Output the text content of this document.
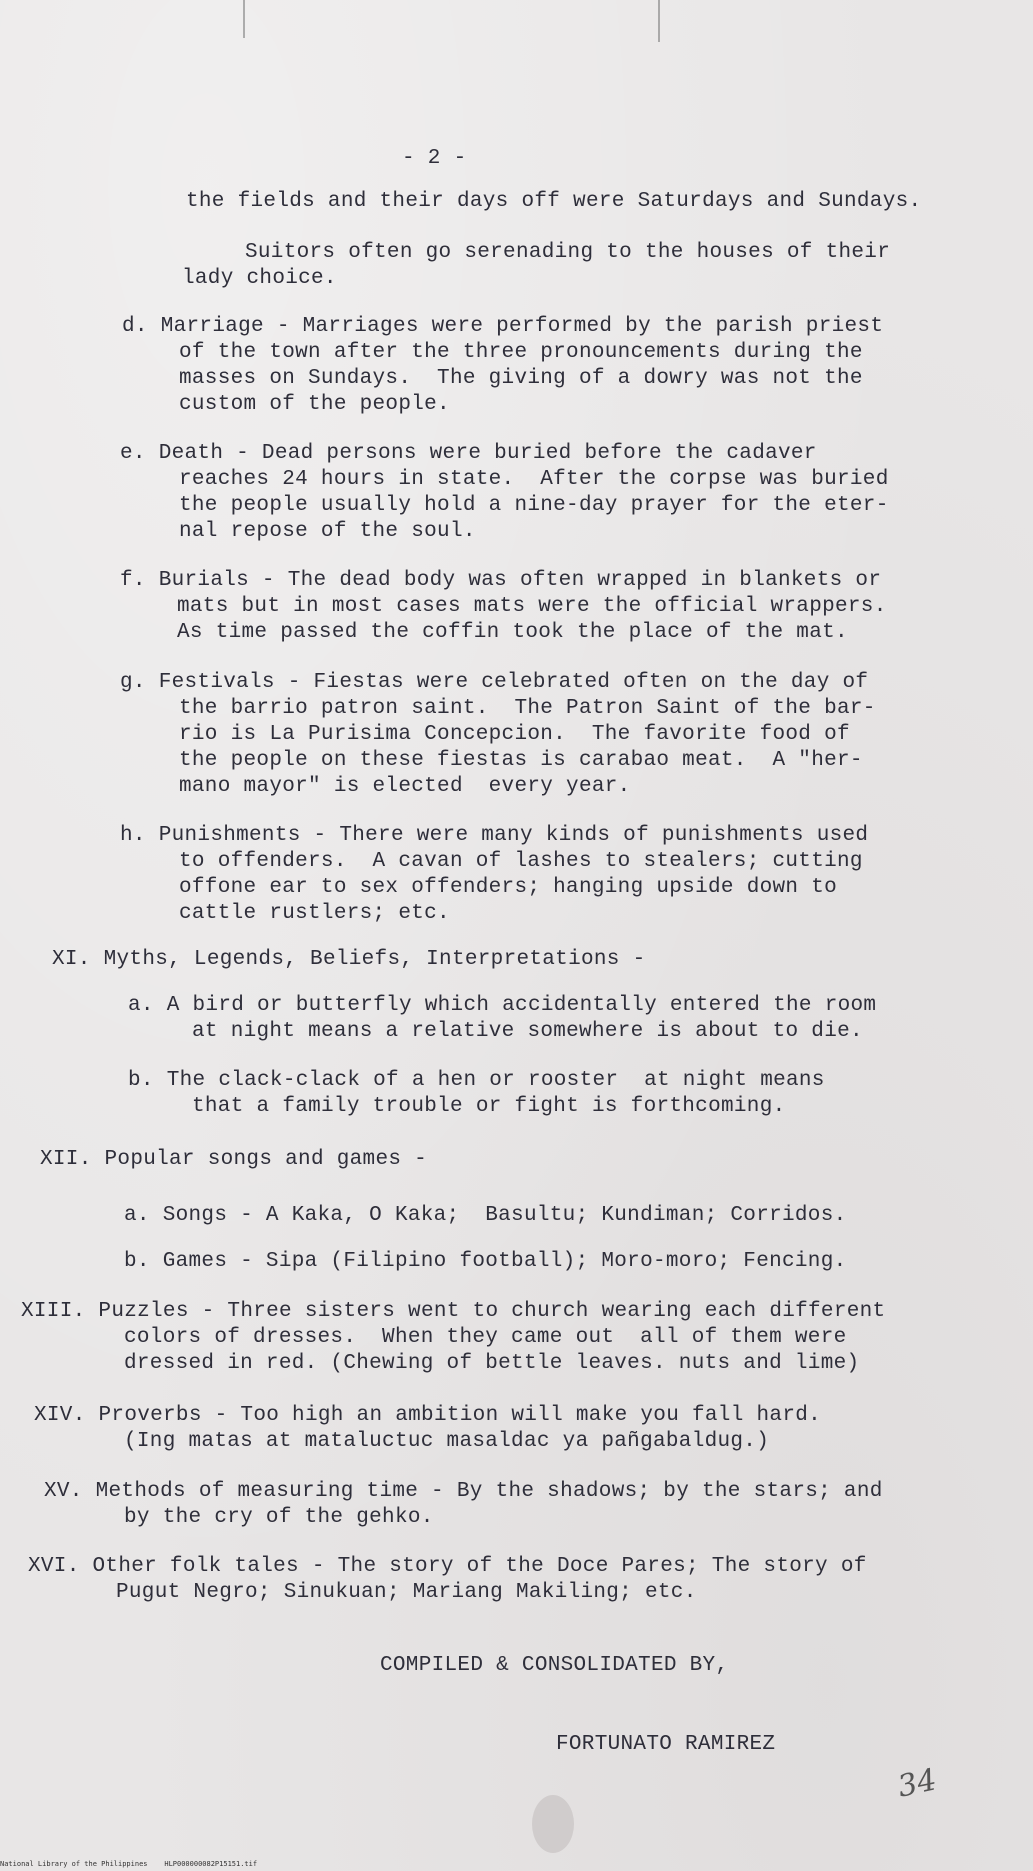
- 2 -
the fields and their days off were Saturdays and Sundays.
Suitors often go serenading to the houses of their
lady choice.
d. Marriage - Marriages were performed by the parish priest
of the town after the three pronouncements during the
masses on Sundays.  The giving of a dowry was not the
custom of the people.
e. Death - Dead persons were buried before the cadaver
reaches 24 hours in state.  After the corpse was buried
the people usually hold a nine-day prayer for the eter-
nal repose of the soul.
f. Burials - The dead body was often wrapped in blankets or
mats but in most cases mats were the official wrappers.
As time passed the coffin took the place of the mat.
g. Festivals - Fiestas were celebrated often on the day of
the barrio patron saint.  The Patron Saint of the bar-
rio is La Purisima Concepcion.  The favorite food of
the people on these fiestas is carabao meat.  A "her-
mano mayor" is elected  every year.
h. Punishments - There were many kinds of punishments used
to offenders.  A cavan of lashes to stealers; cutting
offone ear to sex offenders; hanging upside down to
cattle rustlers; etc.
XI. Myths, Legends, Beliefs, Interpretations -
a. A bird or butterfly which accidentally entered the room
at night means a relative somewhere is about to die.
b. The clack-clack of a hen or rooster  at night means
that a family trouble or fight is forthcoming.
XII. Popular songs and games -
a. Songs - A Kaka, O Kaka;  Basultu; Kundiman; Corridos.
b. Games - Sipa (Filipino football); Moro-moro; Fencing.
XIII. Puzzles - Three sisters went to church wearing each different
colors of dresses.  When they came out  all of them were
dressed in red. (Chewing of bettle leaves. nuts and lime)
XIV. Proverbs - Too high an ambition will make you fall hard.
(Ing matas at mataluctuc masaldac ya pañgabaldug.)
XV. Methods of measuring time - By the shadows; by the stars; and
by the cry of the gehko.
XVI. Other folk tales - The story of the Doce Pares; The story of
Pugut Negro; Sinukuan; Mariang Makiling; etc.
COMPILED & CONSOLIDATED BY,
FORTUNATO RAMIREZ
34
National Library of the Philippines    HLP000000082P15151.tif
